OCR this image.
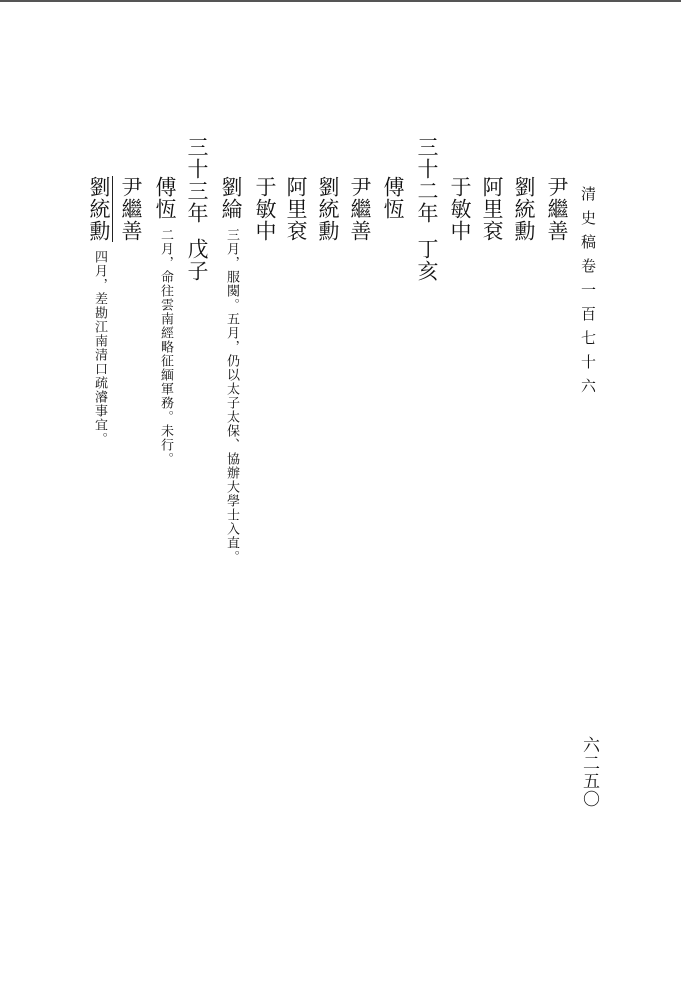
清史稿卷一百七十六
六二五〇
尹繼善
劉統勳
阿里袞
于敏中
三十二年丁亥
傅恆
尹繼善
劉統勳
阿里袞
于敏中
劉綸三月，服闋。五月，仍以太子太保、協辦大學士入直。
三十三年戊子
傅恆二月，命往雲南經略征緬軍務。未行。
尹繼善
劉統勳四月，差勘江南清口疏濬事宜。
